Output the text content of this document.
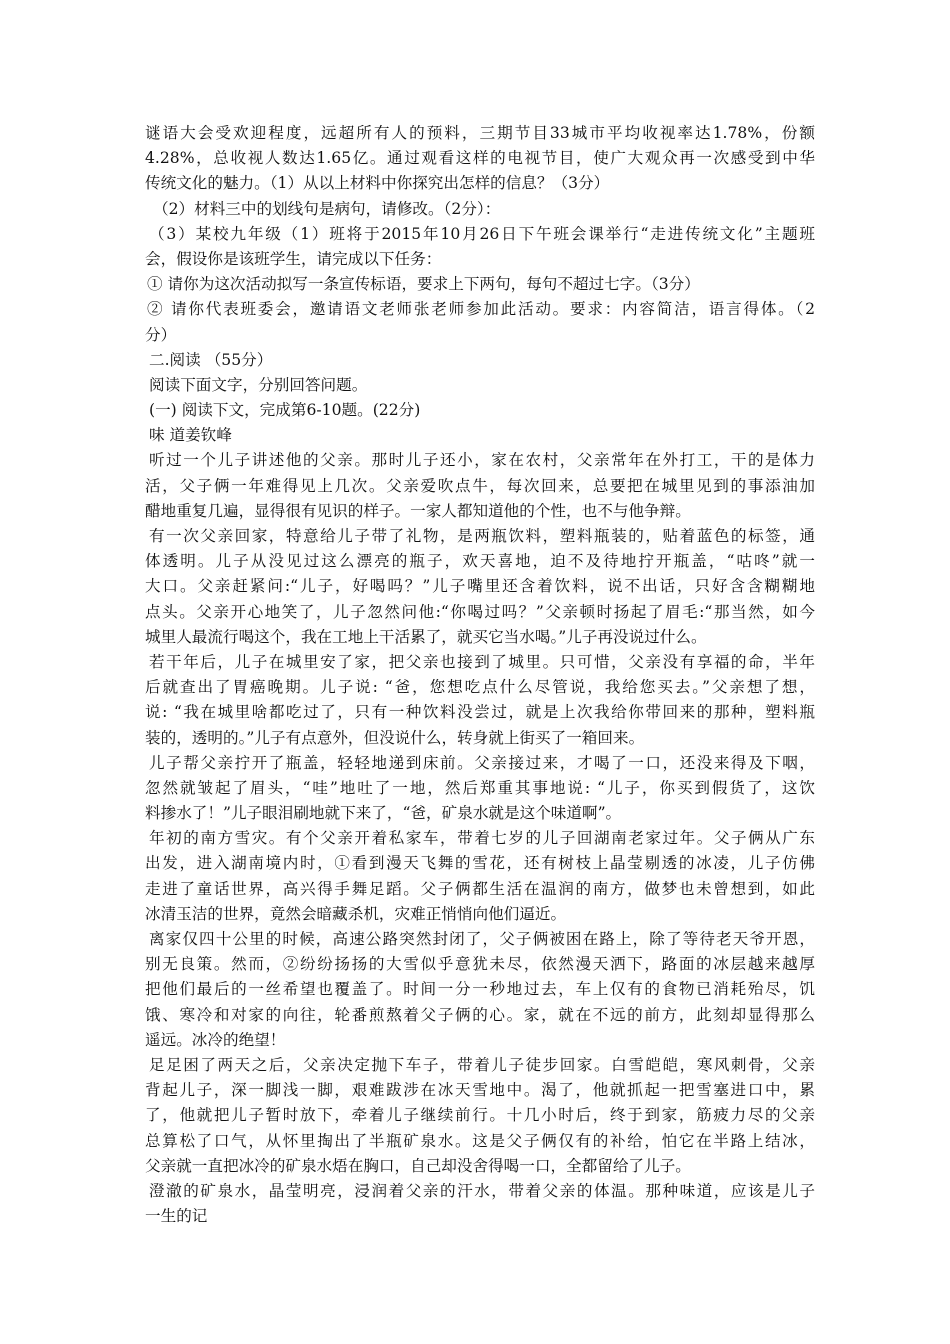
谜语大会受欢迎程度，远超所有人的预料，三期节目33城市平均收视率达1.78%，份额
4.28%，总收视人数达1.65亿。通过观看这样的电视节目，使广大观众再一次感受到中华
传统文化的魅力。（1）从以上材料中你探究出怎样的信息？（3分）
（2）材料三中的划线句是病句，请修改。（2分）：
（3）某校九年级（1）班将于2015年10月26日下午班会课举行“走进传统文化”主题班
会，假设你是该班学生，请完成以下任务：
① 请你为这次活动拟写一条宣传标语，要求上下两句，每句不超过七字。（3分）
② 请你代表班委会，邀请语文老师张老师参加此活动。要求：内容简洁，语言得体。（2
分）
二.阅读 （55分）
阅读下面文字，分别回答问题。
(一) 阅读下文，完成第6-10题。(22分)
味 道姜钦峰
听过一个儿子讲述他的父亲。那时儿子还小，家在农村，父亲常年在外打工，干的是体力
活，父子俩一年难得见上几次。父亲爱吹点牛，每次回来，总要把在城里见到的事添油加
醋地重复几遍，显得很有见识的样子。一家人都知道他的个性，也不与他争辩。
有一次父亲回家，特意给儿子带了礼物，是两瓶饮料，塑料瓶装的，贴着蓝色的标签，通
体透明。儿子从没见过这么漂亮的瓶子，欢天喜地，迫不及待地拧开瓶盖，“咕咚”就一
大口。父亲赶紧问:“儿子，好喝吗？”儿子嘴里还含着饮料，说不出话，只好含含糊糊地
点头。父亲开心地笑了，儿子忽然问他:“你喝过吗？”父亲顿时扬起了眉毛:“那当然，如今
城里人最流行喝这个，我在工地上干活累了，就买它当水喝。”儿子再没说过什么。
若干年后，儿子在城里安了家，把父亲也接到了城里。只可惜，父亲没有享福的命，半年
后就查出了胃癌晚期。儿子说: “爸，您想吃点什么尽管说，我给您买去。”父亲想了想，
说: “我在城里啥都吃过了，只有一种饮料没尝过，就是上次我给你带回来的那种，塑料瓶
装的，透明的。”儿子有点意外，但没说什么，转身就上街买了一箱回来。
儿子帮父亲拧开了瓶盖，轻轻地递到床前。父亲接过来，才喝了一口，还没来得及下咽，
忽然就皱起了眉头，“哇”地吐了一地，然后郑重其事地说: “儿子，你买到假货了，这饮
料掺水了！”儿子眼泪刷地就下来了，“爸，矿泉水就是这个味道啊”。
年初的南方雪灾。有个父亲开着私家车，带着七岁的儿子回湖南老家过年。父子俩从广东
出发，进入湖南境内时，①看到漫天飞舞的雪花，还有树枝上晶莹剔透的冰凌，儿子仿佛
走进了童话世界，高兴得手舞足蹈。父子俩都生活在温润的南方，做梦也未曾想到，如此
冰清玉洁的世界，竟然会暗藏杀机，灾难正悄悄向他们逼近。
离家仅四十公里的时候，高速公路突然封闭了，父子俩被困在路上，除了等待老天爷开恩，
别无良策。然而，②纷纷扬扬的大雪似乎意犹未尽，依然漫天洒下，路面的冰层越来越厚
把他们最后的一丝希望也覆盖了。时间一分一秒地过去，车上仅有的食物已消耗殆尽，饥
饿、寒冷和对家的向往，轮番煎熬着父子俩的心。家，就在不远的前方，此刻却显得那么
遥远。冰冷的绝望！
足足困了两天之后，父亲决定抛下车子，带着儿子徒步回家。白雪皑皑，寒风刺骨，父亲
背起儿子，深一脚浅一脚，艰难跋涉在冰天雪地中。渴了，他就抓起一把雪塞进口中，累
了，他就把儿子暂时放下，牵着儿子继续前行。十几小时后，终于到家，筋疲力尽的父亲
总算松了口气，从怀里掏出了半瓶矿泉水。这是父子俩仅有的补给，怕它在半路上结冰，
父亲就一直把冰冷的矿泉水焐在胸口，自己却没舍得喝一口，全都留给了儿子。
澄澈的矿泉水，晶莹明亮，浸润着父亲的汗水，带着父亲的体温。那种味道，应该是儿子
一生的记
